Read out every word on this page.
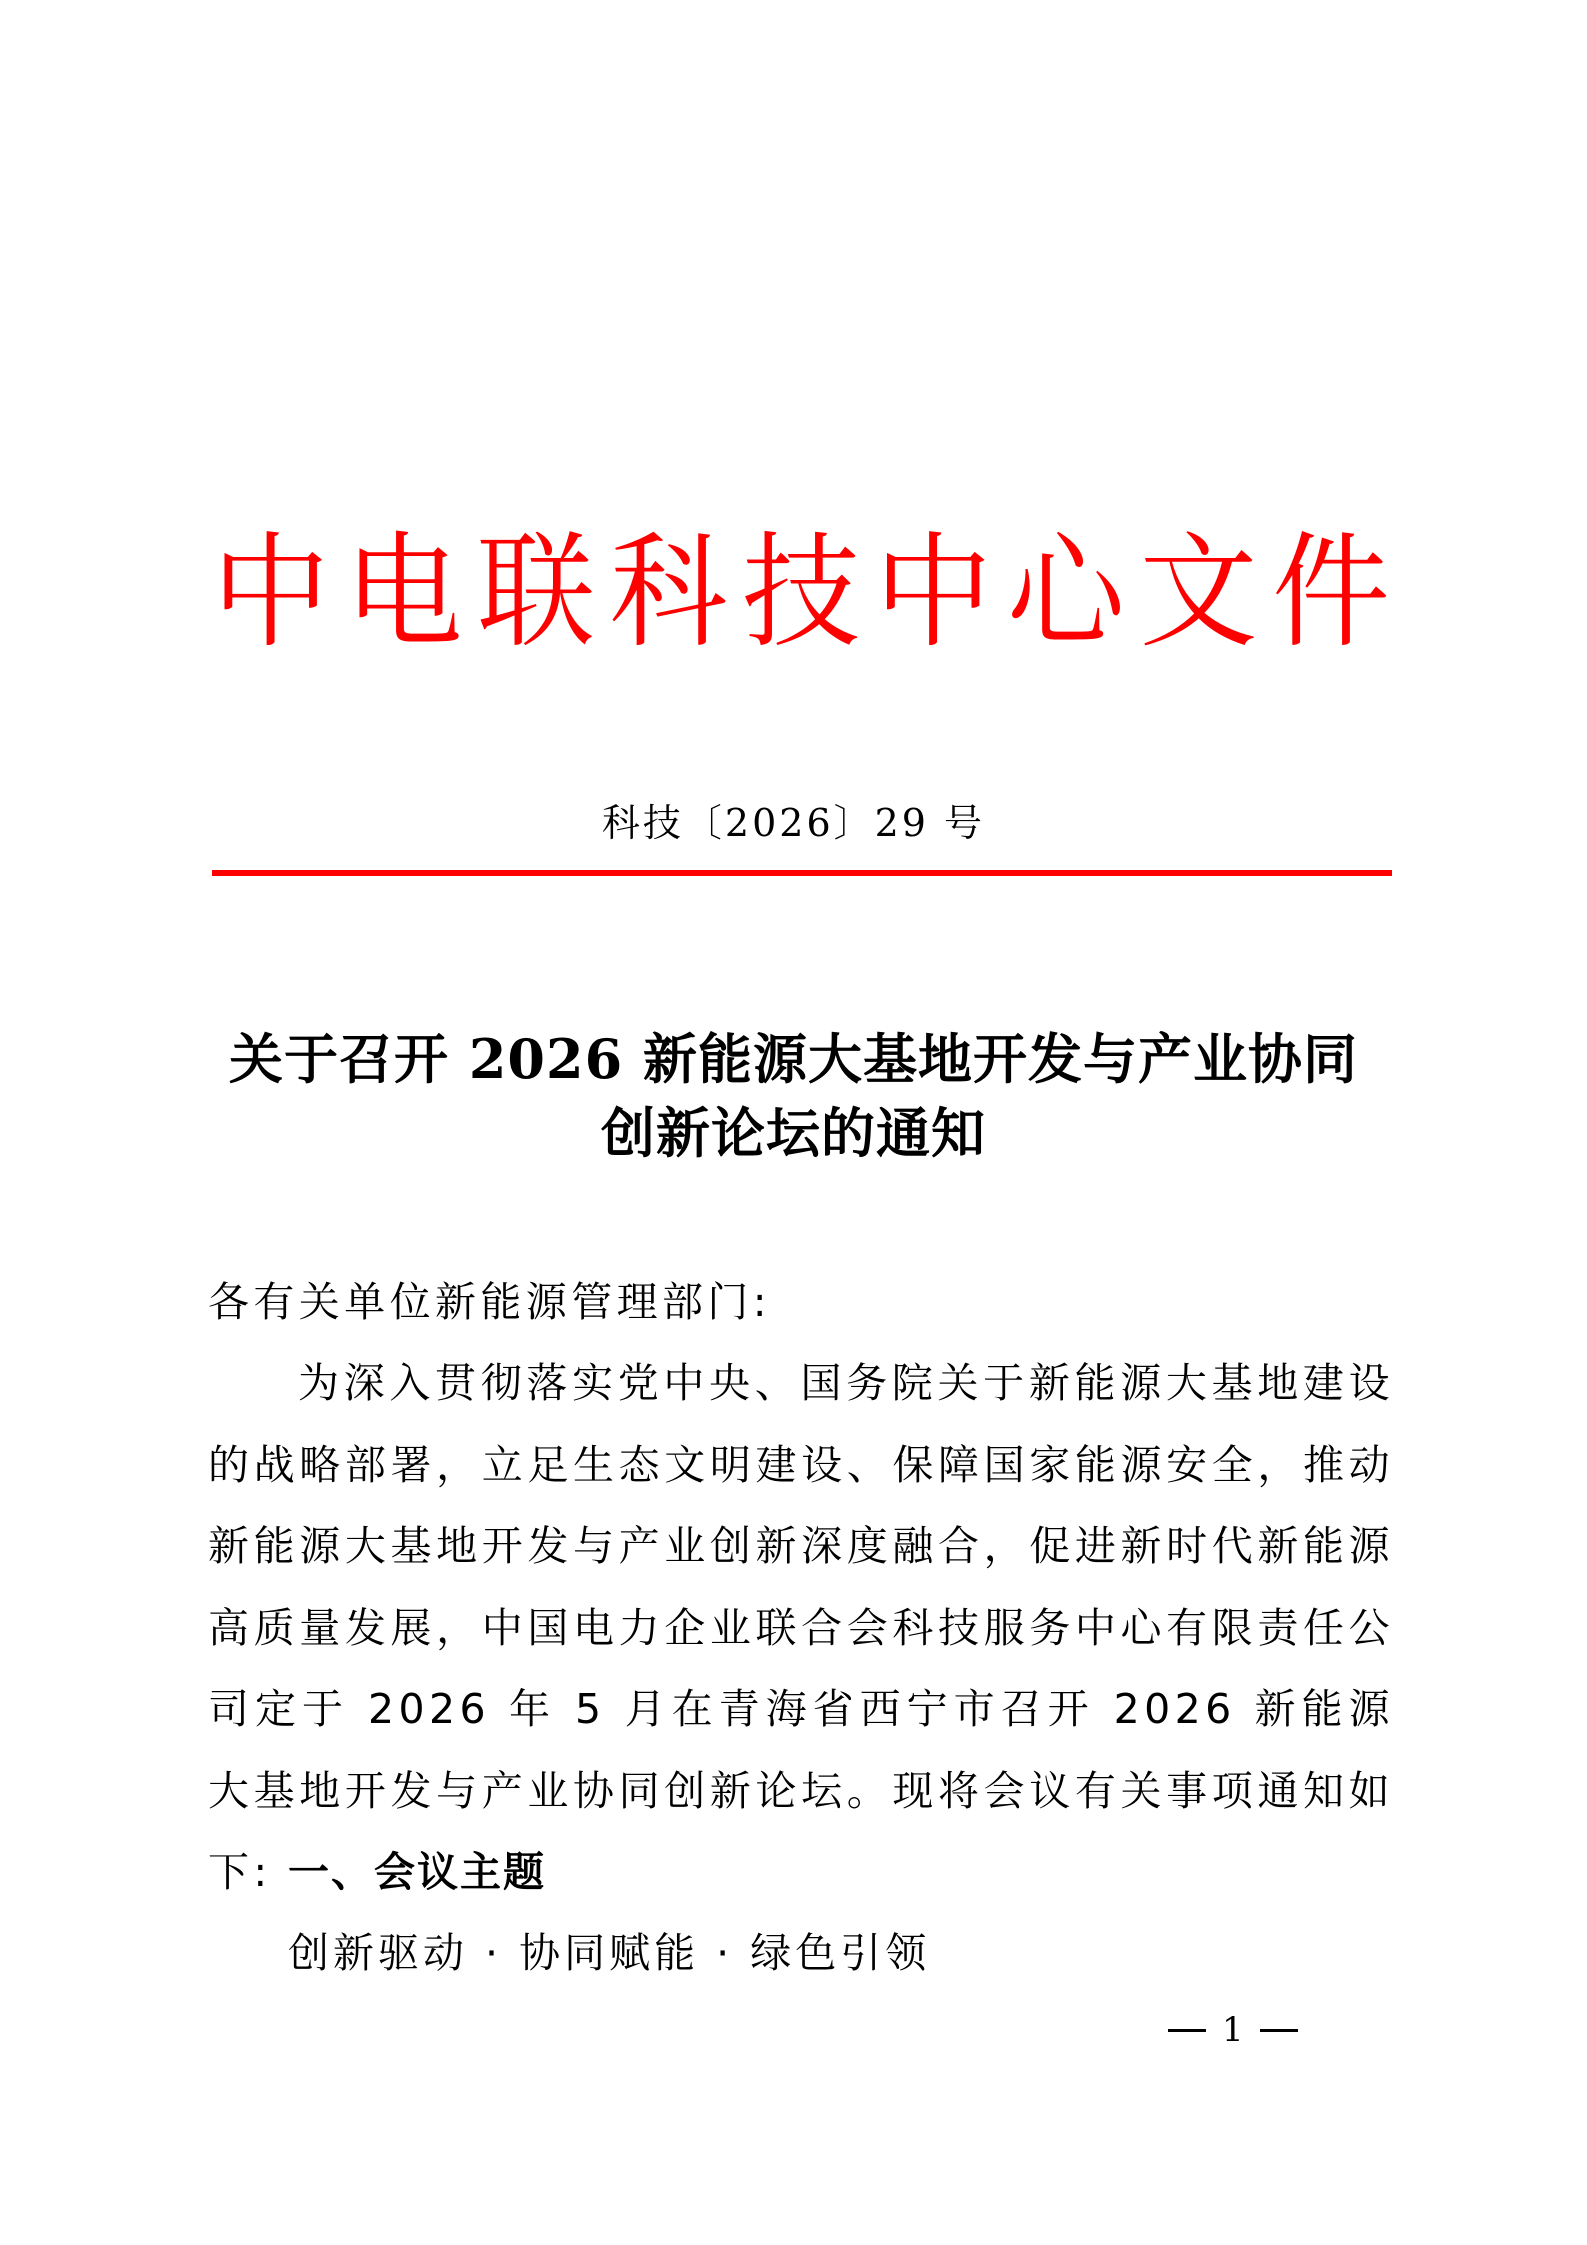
中 电 联 科 技 中 心 文 件
科技〔2026〕29 号
关于召开 2026 新能源大基地开发与产业协同
创新论坛的通知
各有关单位新能源管理部门:
为深入贯彻落实党中央、国务院关于新能源大基地建设的战略部署，立足生态文明建设、保障国家能源安全，推动新能源大基地开发与产业创新深度融合，促进新时代新能源高质量发展，中国电力企业联合会科技服务中心有限责任公司定于 2026 年 5 月在青海省西宁市召开 2026 新能源大基地开发与产业协同创新论坛。现将会议有关事项通知如下: 一、会议主题
创新驱动 · 协同赋能 · 绿色引领
1
